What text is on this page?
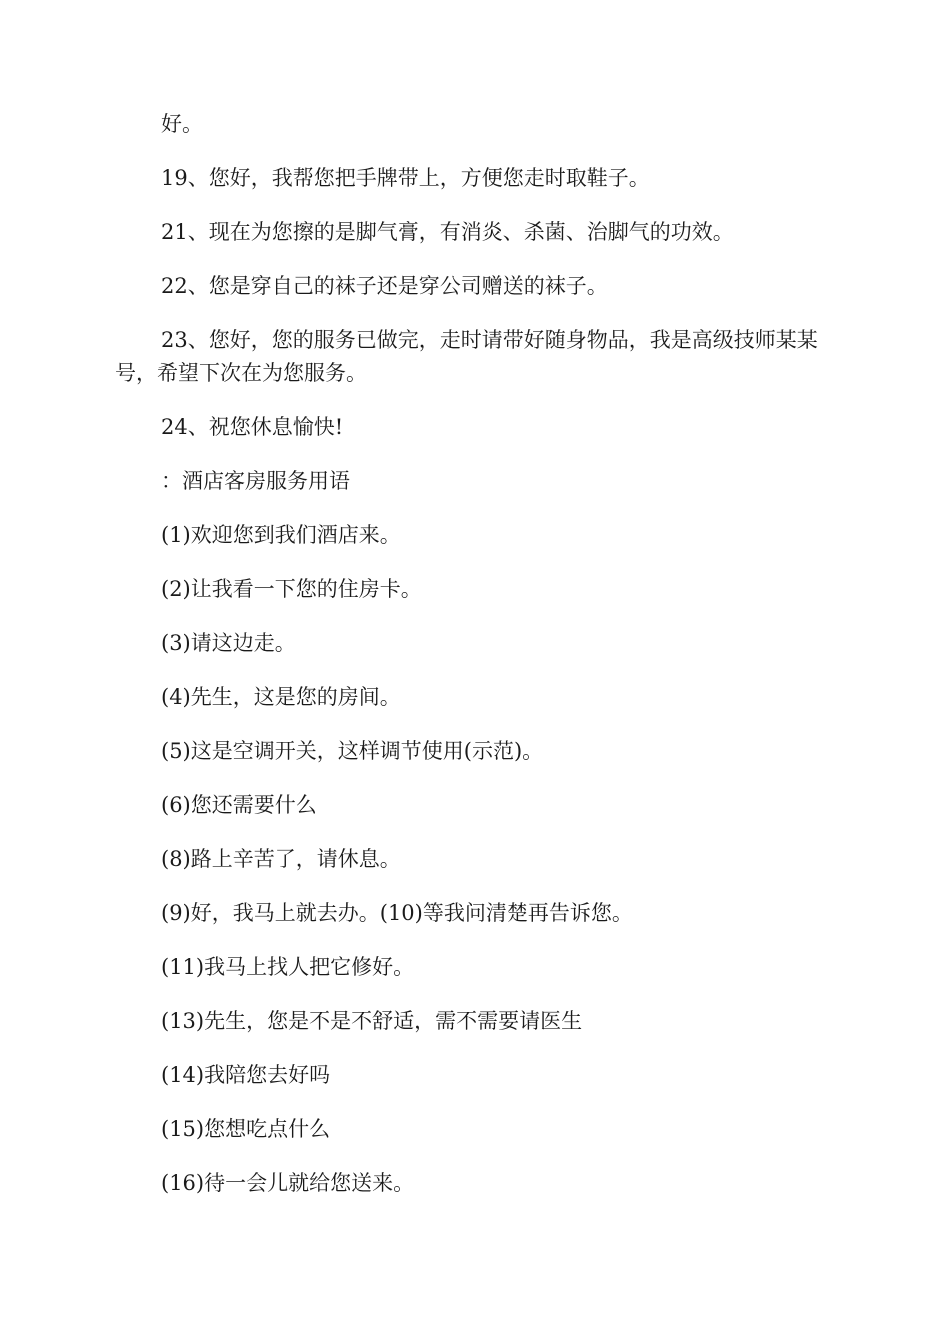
好。

19、您好，我帮您把手牌带上，方便您走时取鞋子。

21、现在为您擦的是脚气膏，有消炎、杀菌、治脚气的功效。

22、您是穿自己的袜子还是穿公司赠送的袜子。

23、您好，您的服务已做完，走时请带好随身物品，我是高级技师某某号，希望下次在为您服务。

24、祝您休息愉快!

：酒店客房服务用语

(1)欢迎您到我们酒店来。

(2)让我看一下您的住房卡。

(3)请这边走。

(4)先生，这是您的房间。

(5)这是空调开关，这样调节使用(示范)。

(6)您还需要什么

(8)路上辛苦了，请休息。

(9)好，我马上就去办。(10)等我问清楚再告诉您。

(11)我马上找人把它修好。

(13)先生，您是不是不舒适，需不需要请医生

(14)我陪您去好吗

(15)您想吃点什么

(16)待一会儿就给您送来。
